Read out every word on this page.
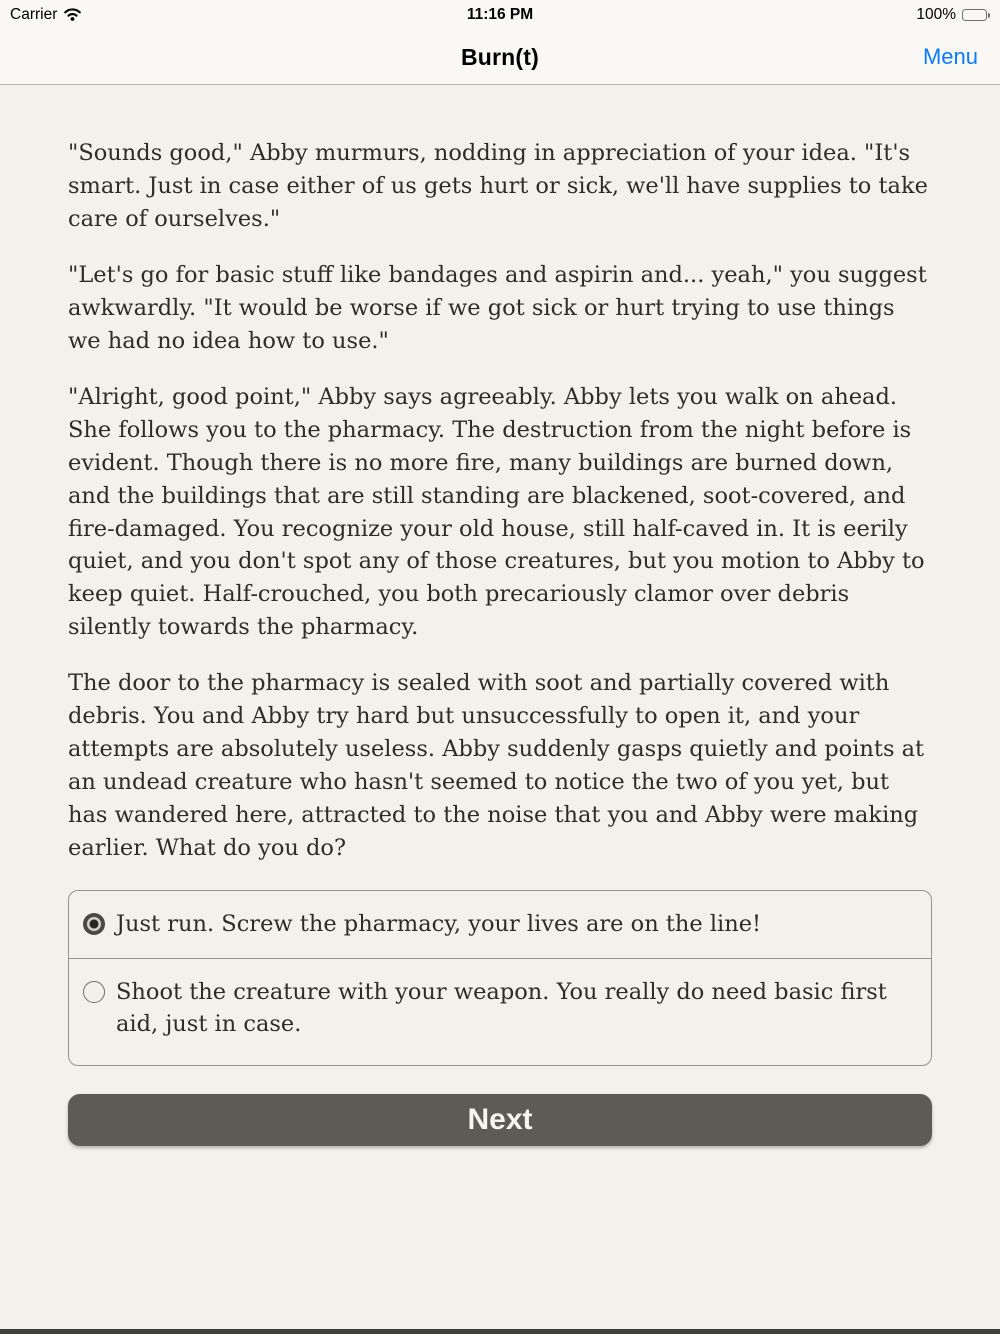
Carrier	11:16 PM	100%
Burn(t)	Menu

"Sounds good," Abby murmurs, nodding in appreciation of your idea. "It's smart. Just in case either of us gets hurt or sick, we'll have supplies to take care of ourselves."

"Let's go for basic stuff like bandages and aspirin and... yeah," you suggest awkwardly. "It would be worse if we got sick or hurt trying to use things we had no idea how to use."

"Alright, good point," Abby says agreeably. Abby lets you walk on ahead. She follows you to the pharmacy. The destruction from the night before is evident. Though there is no more fire, many buildings are burned down, and the buildings that are still standing are blackened, soot-covered, and fire-damaged. You recognize your old house, still half-caved in. It is eerily quiet, and you don't spot any of those creatures, but you motion to Abby to keep quiet. Half-crouched, you both precariously clamor over debris silently towards the pharmacy.

The door to the pharmacy is sealed with soot and partially covered with debris. You and Abby try hard but unsuccessfully to open it, and your attempts are absolutely useless. Abby suddenly gasps quietly and points at an undead creature who hasn't seemed to notice the two of you yet, but has wandered here, attracted to the noise that you and Abby were making earlier. What do you do?

Just run. Screw the pharmacy, your lives are on the line!
Shoot the creature with your weapon. You really do need basic first aid, just in case.
Next
